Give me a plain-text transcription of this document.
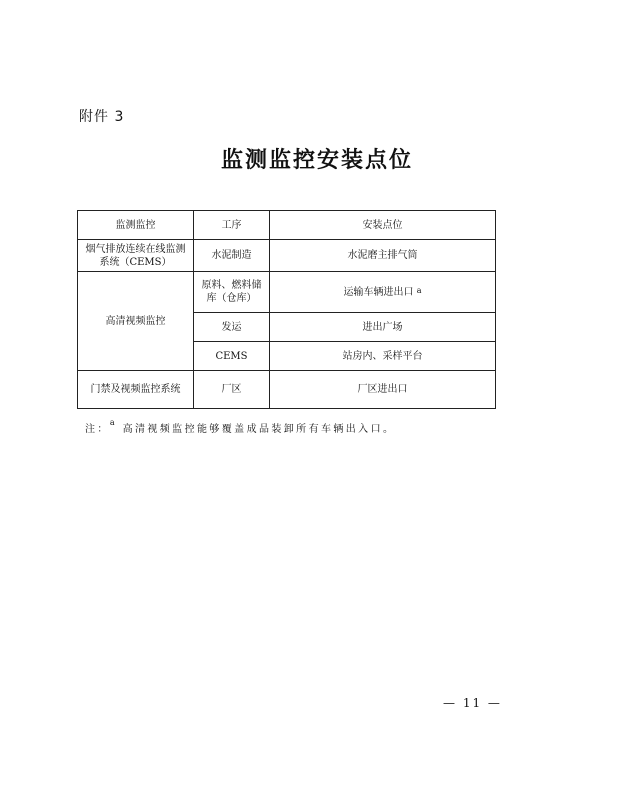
附件 3
监测监控安装点位
监测监控	工序	安装点位
烟气排放连续在线监测系统（CEMS）	水泥制造	水泥磨主排气筒
高清视频监控	原料、燃料储库（仓库）	运输车辆进出口 $^a$
	发运	进出广场
	CEMS	站房内、采样平台
门禁及视频监控系统	厂区	厂区进出口
注：$^a$ 高清视频监控能够覆盖成品装卸所有车辆出入口。
— 11 —
